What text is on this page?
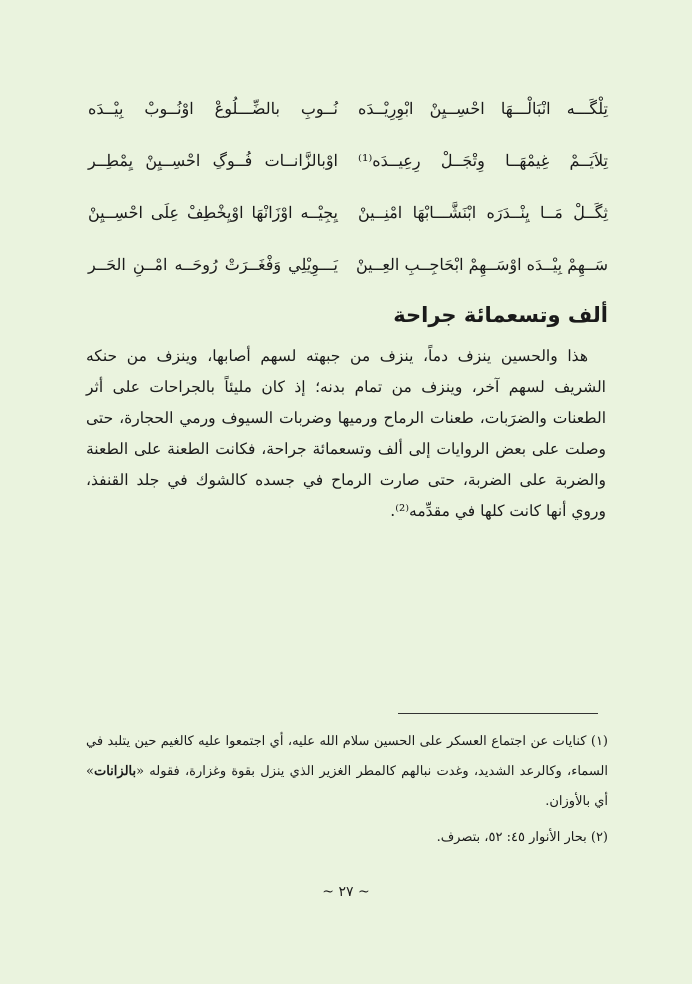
تِلْگَـــه انْبَالْـــهَا احْسِــيِنْ ابْوِرِيْــدَه
نُــوبِ بالضِّـــلُوعْ اوْنُــوبْ بِيْــدَه
تِلاَيَــمْ غِيمْهَــا وِتْجَــلْ رِعِيــدَه⁽¹⁾
اوْبالزَّانــات فُــوگِ احْسِــيِنْ يِمْطِــر
ثِگَــلْ مَــا يِنْــدَرَه ابْنَشَّـــابْهَا امْنِــينْ
يِجِيْــه اوْزَانْهَا اوْيِخْطِفْ عِلَى احْسِــيِنْ
سَــهِمْ بِيْــدَه اوْسَــهِمْ ابْحَاجِــبِ العِــينْ
يَـــوِيْلِي وَفْغَــرَتْ رُوحَــه امْــنِ الحَــر
ألف وتسعمائة جراحة

هذا والحسين ينزف دماً، ينزف من جبهته لسهم أصابها، وينزف من حنكه الشريف لسهم آخر، وينزف من تمام بدنه؛ إذ كان مليئاً بالجراحات على أثر الطعنات والضرَبات، طعنات الرماح ورميها وضربات السيوف ورمي الحجارة، حتى وصلت على بعض الروايات إلى ألف وتسعمائة جراحة، فكانت الطعنة على الطعنة والضربة على الضربة، حتى صارت الرماح في جسده كالشوك في جلد القنفذ، وروي أنها كانت كلها في مقدِّمه⁽²⁾.

(١) كنايات عن اجتماع العسكر على الحسين سلام الله عليه، أي اجتمعوا عليه كالغيم حين يتلبد في السماء، وكالرعد الشديد، وغدت نبالهم كالمطر الغزير الذي ينزل بقوة وغزارة، فقوله «بالزانات» أي بالأوزان.

(٢) بحار الأنوار ٤٥: ٥٢، بتصرف.

~ ٢٧ ~
